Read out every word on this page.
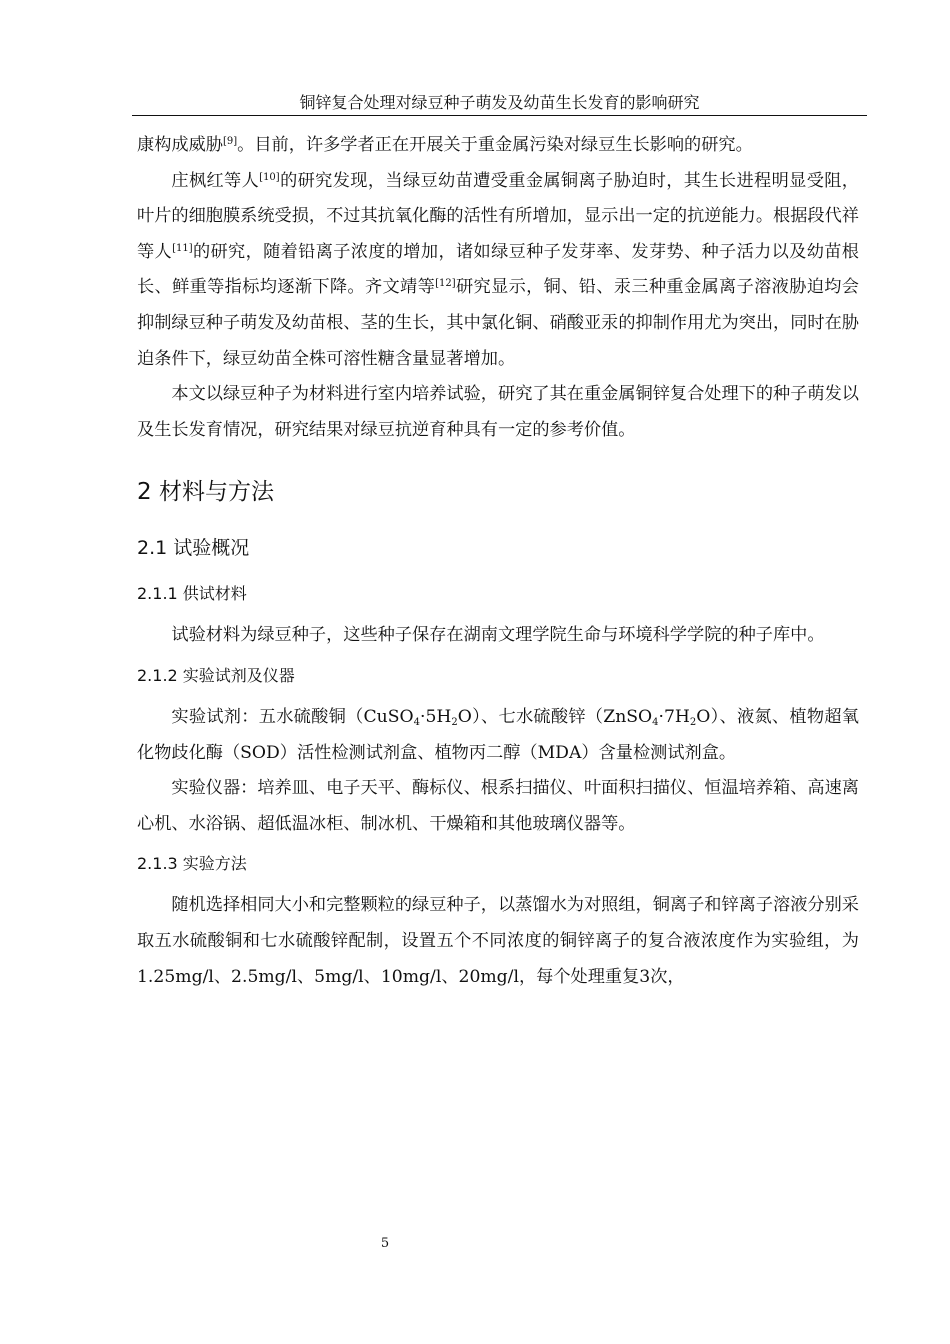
铜锌复合处理对绿豆种子萌发及幼苗生长发育的影响研究

康构成威胁[9]。目前，许多学者正在开展关于重金属污染对绿豆生长影响的研究。

庄枫红等人[10]的研究发现，当绿豆幼苗遭受重金属铜离子胁迫时，其生长进程明显受阻，叶片的细胞膜系统受损，不过其抗氧化酶的活性有所增加，显示出一定的抗逆能力。根据段代祥等人[11]的研究，随着铅离子浓度的增加，诸如绿豆种子发芽率、发芽势、种子活力以及幼苗根长、鲜重等指标均逐渐下降。齐文靖等[12]研究显示，铜、铅、汞三种重金属离子溶液胁迫均会抑制绿豆种子萌发及幼苗根、茎的生长，其中氯化铜、硝酸亚汞的抑制作用尤为突出，同时在胁迫条件下，绿豆幼苗全株可溶性糖含量显著增加。

本文以绿豆种子为材料进行室内培养试验，研究了其在重金属铜锌复合处理下的种子萌发以及生长发育情况，研究结果对绿豆抗逆育种具有一定的参考价值。

2 材料与方法
2.1 试验概况
2.1.1 供试材料

试验材料为绿豆种子，这些种子保存在湖南文理学院生命与环境科学学院的种子库中。

2.1.2 实验试剂及仪器

实验试剂：五水硫酸铜$(CuSO_4\cdot 5H_2O)$、七水硫酸锌$(ZnSO_4\cdot 7H_2O)$、液氮、植物超氧化物歧化酶（SOD）活性检测试剂盒、植物丙二醇（MDA）含量检测试剂盒。

实验仪器：培养皿、电子天平、酶标仪、根系扫描仪、叶面积扫描仪、恒温培养箱、高速离心机、水浴锅、超低温冰柜、制冰机、干燥箱和其他玻璃仪器等。

2.1.3 实验方法

随机选择相同大小和完整颗粒的绿豆种子，以蒸馏水为对照组，铜离子和锌离子溶液分别采取五水硫酸铜和七水硫酸锌配制，设置五个不同浓度的铜锌离子的复合液浓度作为实验组，为1.25mg/l、2.5mg/l、5mg/l、10mg/l、20mg/l，每个处理重复3次，

5
